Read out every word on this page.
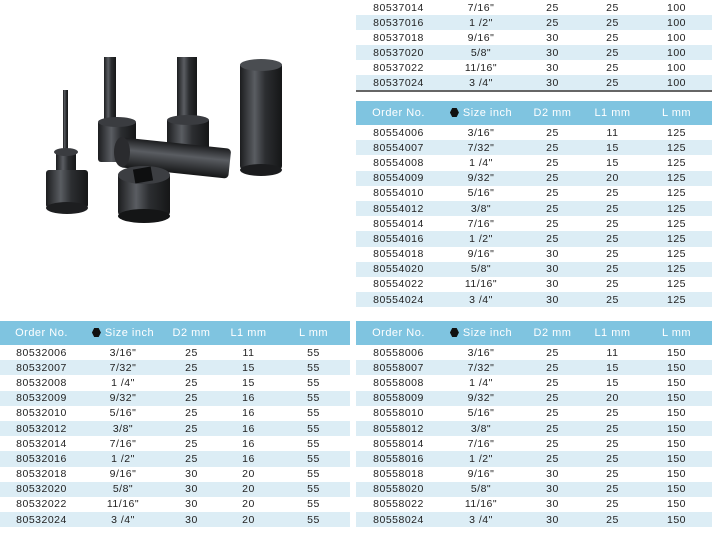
80537014	7/16"	25	25	100
80537016	1 /2"	25	25	100
80537018	9/16"	30	25	100
80537020	5/8"	30	25	100
80537022	11/16"	30	25	100
80537024	3 /4"	30	25	100
Order No.	Size inch	D2 mm	L1 mm	L mm
80554006	3/16"	25	11	125
80554007	7/32"	25	15	125
80554008	1 /4"	25	15	125
80554009	9/32"	25	20	125
80554010	5/16"	25	25	125
80554012	3/8"	25	25	125
80554014	7/16"	25	25	125
80554016	1 /2"	25	25	125
80554018	9/16"	30	25	125
80554020	5/8"	30	25	125
80554022	11/16"	30	25	125
80554024	3 /4"	30	25	125
Order No.	Size inch	D2 mm	L1 mm	L mm
80532006	3/16"	25	11	55
80532007	7/32"	25	15	55
80532008	1 /4"	25	15	55
80532009	9/32"	25	16	55
80532010	5/16"	25	16	55
80532012	3/8"	25	16	55
80532014	7/16"	25	16	55
80532016	1 /2"	25	16	55
80532018	9/16"	30	20	55
80532020	5/8"	30	20	55
80532022	11/16"	30	20	55
80532024	3 /4"	30	20	55
Order No.	Size inch	D2 mm	L1 mm	L mm
80558006	3/16"	25	11	150
80558007	7/32"	25	15	150
80558008	1 /4"	25	15	150
80558009	9/32"	25	20	150
80558010	5/16"	25	25	150
80558012	3/8"	25	25	150
80558014	7/16"	25	25	150
80558016	1 /2"	25	25	150
80558018	9/16"	30	25	150
80558020	5/8"	30	25	150
80558022	11/16"	30	25	150
80558024	3 /4"	30	25	150
